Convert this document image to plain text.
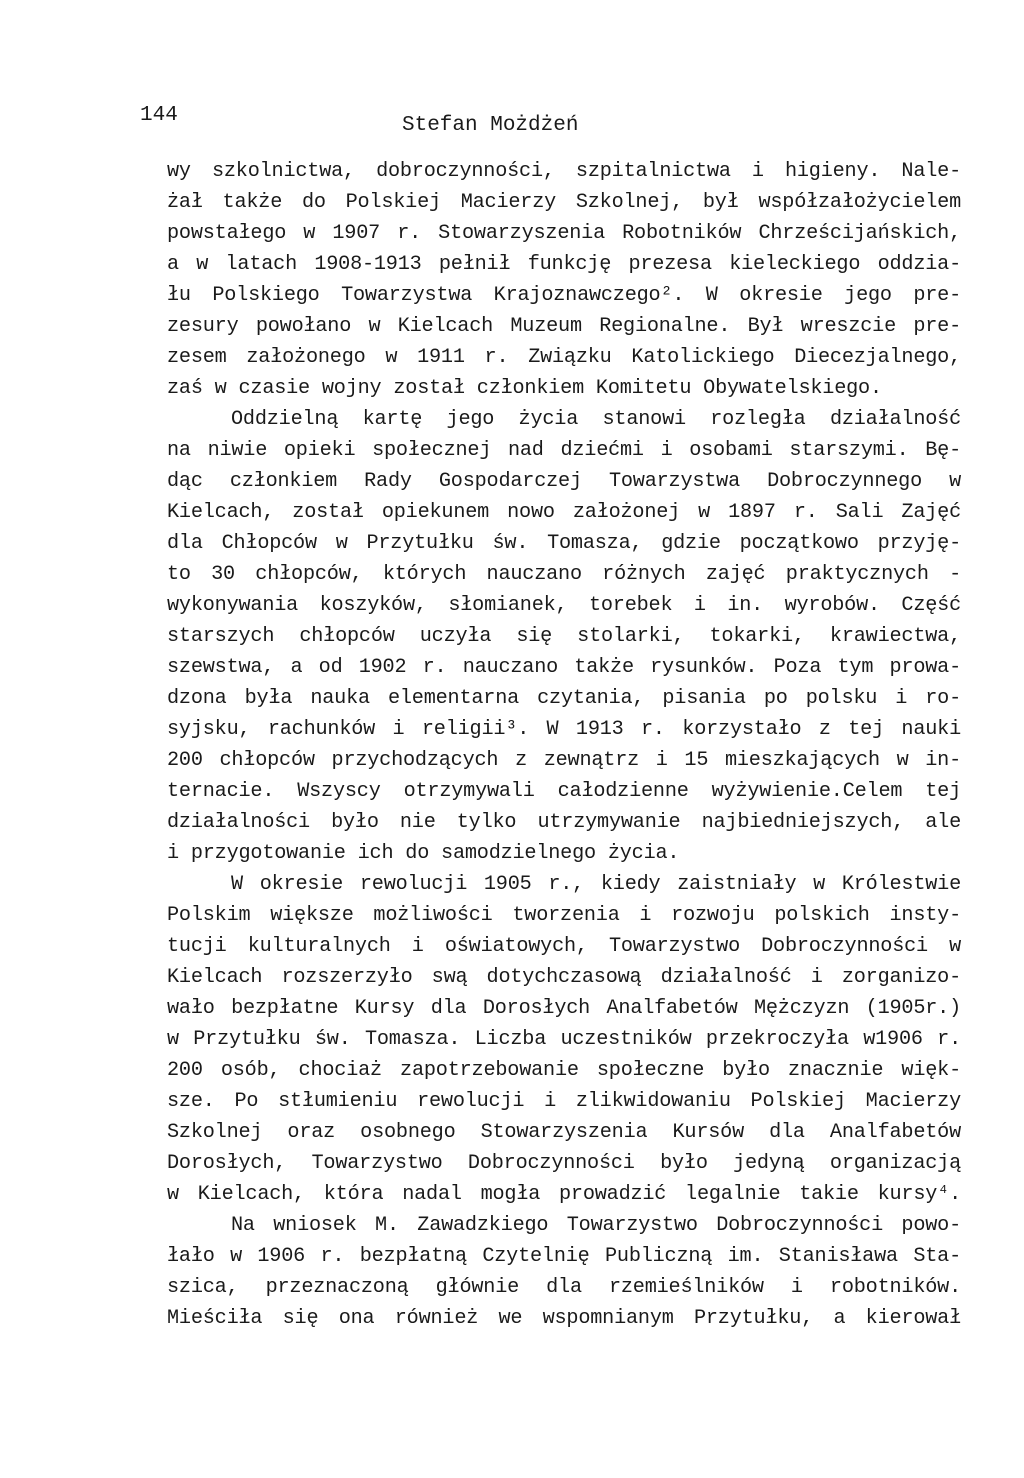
144	Stefan Możdżeń
wy szkolnictwa, dobroczynności, szpitalnictwa i higieny. Nale-
żał także do Polskiej Macierzy Szkolnej, był współzałożycielem
powstałego w 1907 r. Stowarzyszenia Robotników Chrześcijańskich,
a w latach 1908-1913 pełnił funkcję prezesa kieleckiego oddzia-
łu Polskiego Towarzystwa Krajoznawczego². W okresie jego pre-
zesury powołano w Kielcach Muzeum Regionalne. Był wreszcie pre-
zesem założonego w 1911 r. Związku Katolickiego Diecezjalnego,
zaś w czasie wojny został członkiem Komitetu Obywatelskiego.
Oddzielną kartę jego życia stanowi rozległa działalność
na niwie opieki społecznej nad dziećmi i osobami starszymi. Bę-
dąc członkiem Rady Gospodarczej Towarzystwa Dobroczynnego w
Kielcach, został opiekunem nowo założonej w 1897 r. Sali Zajęć
dla Chłopców w Przytułku św. Tomasza, gdzie początkowo przyję-
to 30 chłopców, których nauczano różnych zajęć praktycznych -
wykonywania koszyków, słomianek, torebek i in. wyrobów. Część
starszych chłopców uczyła się stolarki, tokarki, krawiectwa,
szewstwa, a od 1902 r. nauczano także rysunków. Poza tym prowa-
dzona była nauka elementarna czytania, pisania po polsku i ro-
syjsku, rachunków i religii³. W 1913 r. korzystało z tej nauki
200 chłopców przychodzących z zewnątrz i 15 mieszkających w in-
ternacie. Wszyscy otrzymywali całodzienne wyżywienie.Celem tej
działalności było nie tylko utrzymywanie najbiedniejszych, ale
i przygotowanie ich do samodzielnego życia.
W okresie rewolucji 1905 r., kiedy zaistniały w Królestwie
Polskim większe możliwości tworzenia i rozwoju polskich insty-
tucji kulturalnych i oświatowych, Towarzystwo Dobroczynności w
Kielcach rozszerzyło swą dotychczasową działalność i zorganizo-
wało bezpłatne Kursy dla Dorosłych Analfabetów Mężczyzn (1905r.)
w Przytułku św. Tomasza. Liczba uczestników przekroczyła w1906 r.
200 osób, chociaż zapotrzebowanie społeczne było znacznie więk-
sze. Po stłumieniu rewolucji i zlikwidowaniu Polskiej Macierzy
Szkolnej oraz osobnego Stowarzyszenia Kursów dla Analfabetów
Dorosłych, Towarzystwo Dobroczynności było jedyną organizacją
w Kielcach, która nadal mogła prowadzić legalnie takie kursy⁴.
Na wniosek M. Zawadzkiego Towarzystwo Dobroczynności powo-
łało w 1906 r. bezpłatną Czytelnię Publiczną im. Stanisława Sta-
szica, przeznaczoną głównie dla rzemieślników i robotników.
Mieściła się ona również we wspomnianym Przytułku, a kierował
